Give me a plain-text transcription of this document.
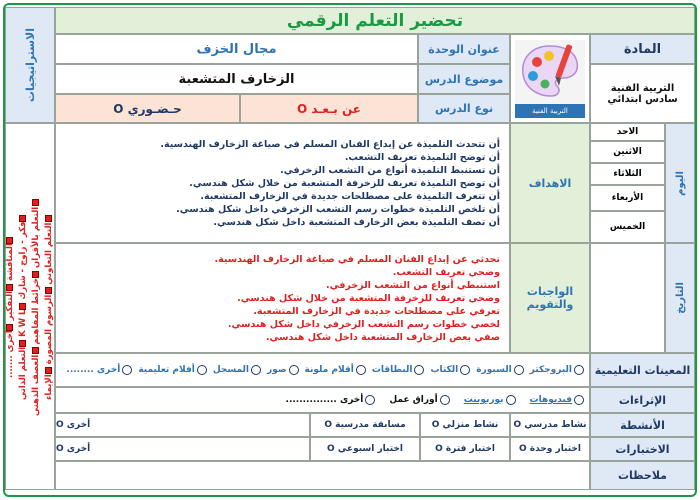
تحضير التعلم الرقمي
الاستراتيجيات
التعلم التعاوني الرسوم المصورة الإيماء
التعلم بالأقران خرائط المفاهيم العصف الذهني
فكر - زاوج - شارك K W L التعلم الذاتي
المناقشة التفكير أخرى .......
المادة
التربية الفنية
سادس ابتدائي
التربية الفنية
عنوان الوحدة
مجال الخزف
موضوع الدرس
الزخارف المتشعبة
نوع الدرس
عن بـعـد O
حـضـوري O
اليوم
التاريخ
الاحد
الاثنين
الثلاثاء
الأربعاء
الخميس
الاهداف
أن تتحدث التلميذة عن إبداع الفنان المسلم في صياغة الزخارف الهندسية.
أن توضح التلميذة تعريف التشعب.
أن تستنبط التلميذة أنواع من التشعب الزخرفي.
أن توضح التلميذة تعريف للزخرفة المتشعبة من خلال شكل هندسي.
أن تتعرف التلميذة على مصطلحات جديدة في الزخارف المتشعبة.
أن تلخص التلميذة خطوات رسم التشعب الزخرفي داخل شكل هندسي.
أن تصف التلميذة بعض الزخارف المتشعبة داخل شكل هندسي.
الواجبات
والتقويم
تحدثي عن إبداع الفنان المسلم في صياغة الزخارف الهندسية.
وضحي تعريف التشعب.
استنبطي أنواع من التشعب الزخرفي.
وضحي تعريف للزخرفة المتشعبة من خلال شكل هندسي.
تعرفي على مصطلحات جديدة في الزخارف المتشعبة.
لخصي خطوات رسم التشعب الزخرفي داخل شكل هندسي.
صفي بعض الزخارف المتشعبة داخل شكل هندسي.
المعينات التعليمية
البروجكتر
السبورة
الكتاب
البطاقات
أقلام ملونة
صور
المسجل
أفلام تعليمية
أخرى ........
الإثراءات
فيديوهات
بوربوينت
أوراق عمل
أخرى ...............
الأنشطة
نشاط مدرسي O
نشاط منزلي O
مسابقة مدرسية O
أخرى O
الاختبارات
اختبار وحدة O
اختبار فترة O
اختبار اسبوعي O
أخرى O
ملاحظات
